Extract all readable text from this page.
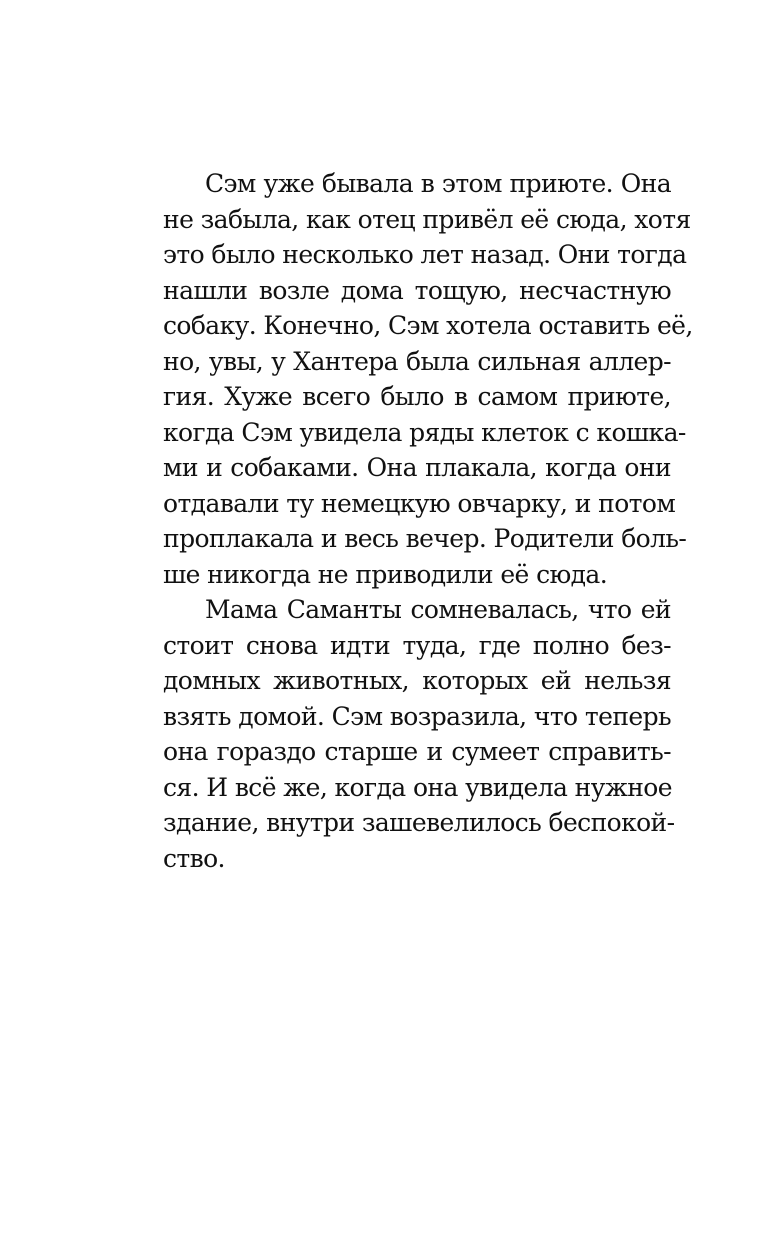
Сэм уже бывала в этом приюте. Она
не забыла, как отец привёл её сюда, хотя
это было несколько лет назад. Они тогда
нашли возле дома тощую, несчастную
собаку. Конечно, Сэм хотела оставить её,
но, увы, у Хантера была сильная аллер-
гия. Хуже всего было в самом приюте,
когда Сэм увидела ряды клеток с кошка-
ми и собаками. Она плакала, когда они
отдавали ту немецкую овчарку, и потом
проплакала и весь вечер. Родители боль-
ше никогда не приводили её сюда.
Мама Саманты сомневалась, что ей
стоит снова идти туда, где полно без-
домных животных, которых ей нельзя
взять домой. Сэм возразила, что теперь
она гораздо старше и сумеет справить-
ся. И всё же, когда она увидела нужное
здание, внутри зашевелилось беспокой-
ство.
